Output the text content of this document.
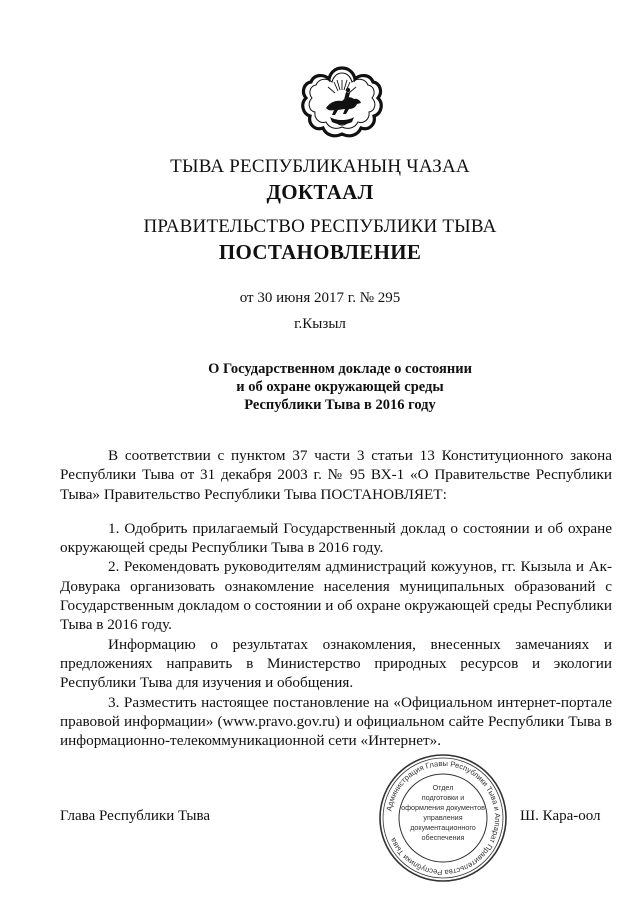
ТЫВА РЕСПУБЛИКАНЫҢ ЧАЗАА
ДОКТААЛ
ПРАВИТЕЛЬСТВО РЕСПУБЛИКИ ТЫВА
ПОСТАНОВЛЕНИЕ
от 30 июня 2017 г. № 295
г.Кызыл
О Государственном докладе о состоянии
и об охране окружающей среды
Республики Тыва в 2016 году

В соответствии с пунктом 37 части 3 статьи 13 Конституционного закона Республики Тыва от 31 декабря 2003 г. № 95 ВХ-1 «О Правительстве Республики Тыва» Правительство Республики Тыва ПОСТАНОВЛЯЕТ:

1. Одобрить прилагаемый Государственный доклад о состоянии и об охране окружающей среды Республики Тыва в 2016 году.

2. Рекомендовать руководителям администраций кожуунов, гг. Кызыла и Ак-Довурака организовать ознакомление населения муниципальных образований с Государственным докладом о состоянии и об охране окружающей среды Республики Тыва в 2016 году.

Информацию о результатах ознакомления, внесенных замечаниях и предложениях направить в Министерство природных ресурсов и экологии Республики Тыва для изучения и обобщения.

3. Разместить настоящее постановление на «Официальном интернет-портале правовой информации» (www.pravo.gov.ru) и официальном сайте Республики Тыва в информационно-телекоммуникационной сети «Интернет».

Глава Республики Тыва	Ш. Кара-оол
Администрация Главы Республики Тыва и Аппарат Правительства Республики Тыва
Отдел
подготовки и
оформления документов
управления
документационного
обеспечения
